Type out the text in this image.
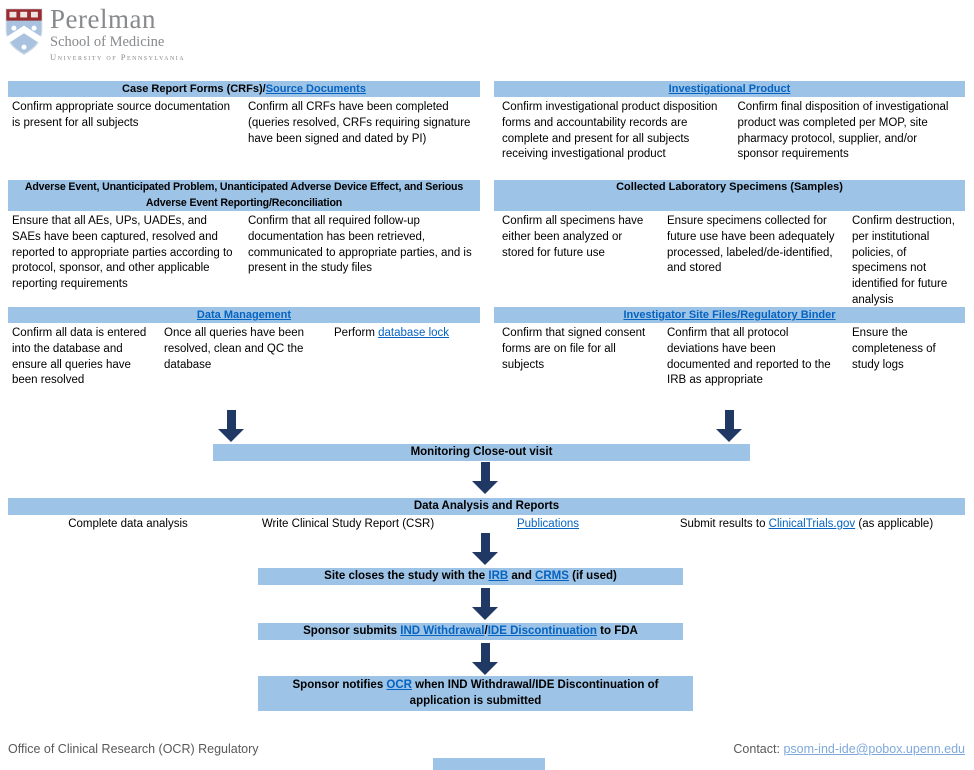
Perelman
School of Medicine
University of Pennsylvania
Case Report Forms (CRFs)/Source Documents
Confirm appropriate source documentation is present for all subjects
Confirm all CRFs have been completed (queries resolved, CRFs requiring signature have been signed and dated by PI)
Investigational Product
Confirm investigational product disposition forms and accountability records are complete and present for all subjects receiving investigational product
Confirm final disposition of investigational product was completed per MOP, site pharmacy protocol, supplier, and/or sponsor requirements
Adverse Event, Unanticipated Problem, Unanticipated Adverse Device Effect, and Serious Adverse Event Reporting/Reconciliation
Ensure that all AEs, UPs, UADEs, and SAEs have been captured, resolved and reported to appropriate parties according to protocol, sponsor, and other applicable reporting requirements
Confirm that all required follow-up documentation has been retrieved, communicated to appropriate parties, and is present in the study files
Collected Laboratory Specimens (Samples)
Confirm all specimens have either been analyzed or stored for future use
Ensure specimens collected for future use have been adequately processed, labeled/de-identified, and stored
Confirm destruction, per institutional policies, of specimens not identified for future analysis
Data Management
Confirm all data is entered into the database and ensure all queries have been resolved
Once all queries have been resolved, clean and QC the database
Perform database lock
Investigator Site Files/Regulatory Binder
Confirm that signed consent forms are on file for all subjects
Confirm that all protocol deviations have been documented and reported to the IRB as appropriate
Ensure the completeness of study logs
Monitoring Close-out visit
Data Analysis and Reports
Complete data analysis	Write Clinical Study Report (CSR)	Publications	Submit results to ClinicalTrials.gov (as applicable)
Site closes the study with the IRB and CRMS (if used)
Sponsor submits IND Withdrawal/IDE Discontinuation to FDA
Sponsor notifies OCR when IND Withdrawal/IDE Discontinuation of application is submitted
Office of Clinical Research (OCR) Regulatory	Contact: psom-ind-ide@pobox.upenn.edu
